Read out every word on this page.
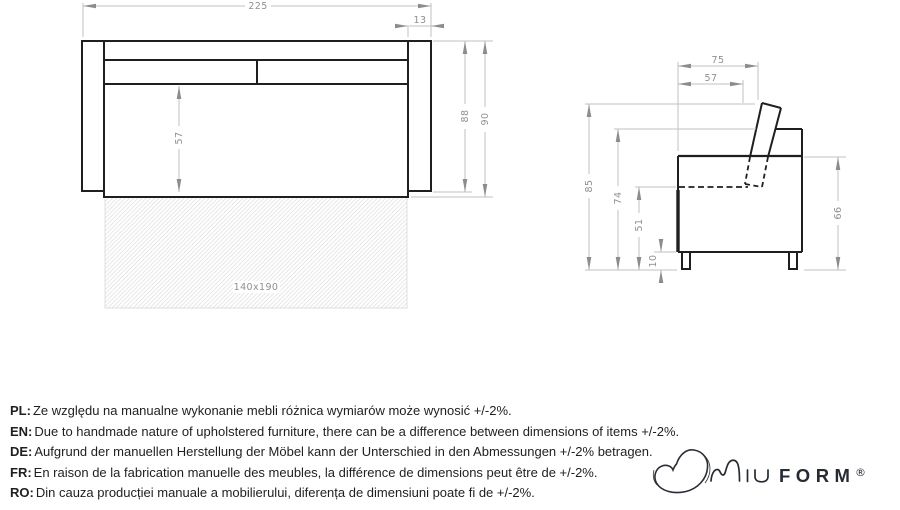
140x190
225
13
57
88 90
75
57
85
74
51
10
66

PL: Ze względu na manualne wykonanie mebli różnica wymiarów może wynosić +/-2%.

EN: Due to handmade nature of upholstered furniture, there can be a difference between dimensions of items +/-2%.

DE: Aufgrund der manuellen Herstellung der Möbel kann der Unterschied in den Abmessungen +/-2% betragen.

FR: En raison de la fabrication manuelle des meubles, la différence de dimensions peut être de +/-2%.

RO: Din cauza producției manuale a mobilierului, diferența de dimensiuni poate fi de +/-2%.

FORM ®
